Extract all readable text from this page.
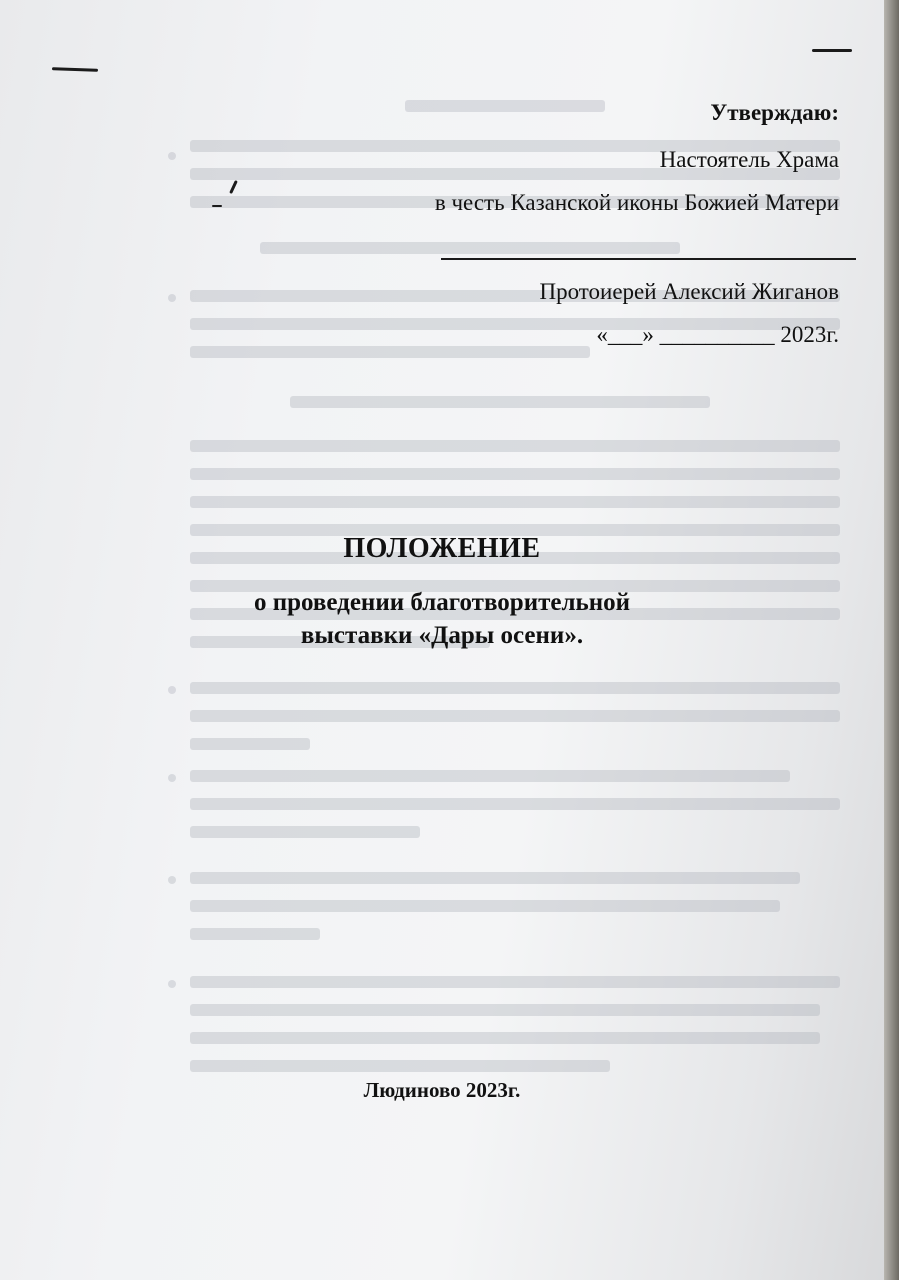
Утверждаю:
Настоятель Храма
в честь Казанской иконы Божией Матери
Протоиерей Алексий Жиганов
«___» __________ 2023г.
ПОЛОЖЕНИЕ
о проведении благотворительной
выставки «Дары осени».
Людиново 2023г.
